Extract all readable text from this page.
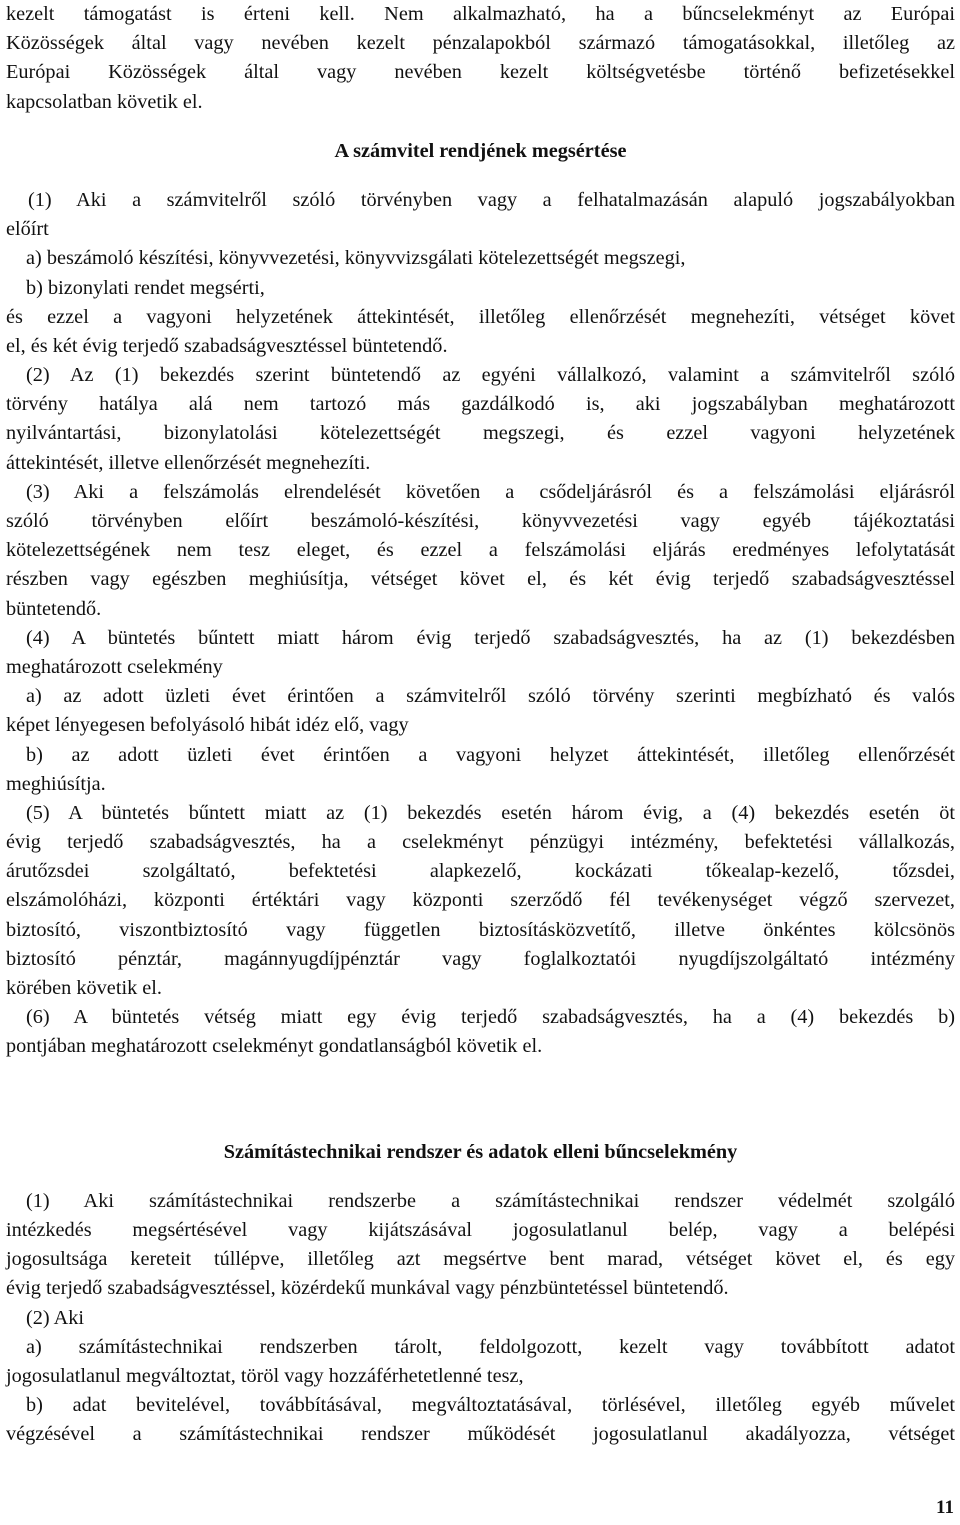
kezelt támogatást is érteni kell. Nem alkalmazható, ha a bűncselekményt az Európai
Közösségek által vagy nevében kezelt pénzalapokból származó támogatásokkal, illetőleg az
Európai Közösségek által vagy nevében kezelt költségvetésbe történő befizetésekkel
kapcsolatban követik el.
A számvitel rendjének megsértése
(1) Aki a számvitelről szóló törvényben vagy a felhatalmazásán alapuló jogszabályokban
előírt
a) beszámoló készítési, könyvvezetési, könyvvizsgálati kötelezettségét megszegi,
b) bizonylati rendet megsérti,
és ezzel a vagyoni helyzetének áttekintését, illetőleg ellenőrzését megnehezíti, vétséget követ
el, és két évig terjedő szabadságvesztéssel büntetendő.
(2) Az (1) bekezdés szerint büntetendő az egyéni vállalkozó, valamint a számvitelről szóló
törvény hatálya alá nem tartozó más gazdálkodó is, aki jogszabályban meghatározott
nyilvántartási, bizonylatolási kötelezettségét megszegi, és ezzel vagyoni helyzetének
áttekintését, illetve ellenőrzését megnehezíti.
(3) Aki a felszámolás elrendelését követően a csődeljárásról és a felszámolási eljárásról
szóló törvényben előírt beszámoló-készítési, könyvvezetési vagy egyéb tájékoztatási
kötelezettségének nem tesz eleget, és ezzel a felszámolási eljárás eredményes lefolytatását
részben vagy egészben meghiúsítja, vétséget követ el, és két évig terjedő szabadságvesztéssel
büntetendő.
(4) A büntetés bűntett miatt három évig terjedő szabadságvesztés, ha az (1) bekezdésben
meghatározott cselekmény
a) az adott üzleti évet érintően a számvitelről szóló törvény szerinti megbízható és valós
képet lényegesen befolyásoló hibát idéz elő, vagy
b) az adott üzleti évet érintően a vagyoni helyzet áttekintését, illetőleg ellenőrzését
meghiúsítja.
(5) A büntetés bűntett miatt az (1) bekezdés esetén három évig, a (4) bekezdés esetén öt
évig terjedő szabadságvesztés, ha a cselekményt pénzügyi intézmény, befektetési vállalkozás,
árutőzsdei szolgáltató, befektetési alapkezelő, kockázati tőkealap-kezelő, tőzsdei,
elszámolóházi, központi értéktári vagy központi szerződő fél tevékenységet végző szervezet,
biztosító, viszontbiztosító vagy független biztosításközvetítő, illetve önkéntes kölcsönös
biztosító pénztár, magánnyugdíjpénztár vagy foglalkoztatói nyugdíjszolgáltató intézmény
körében követik el.
(6) A büntetés vétség miatt egy évig terjedő szabadságvesztés, ha a (4) bekezdés b)
pontjában meghatározott cselekményt gondatlanságból követik el.
Számítástechnikai rendszer és adatok elleni bűncselekmény
(1) Aki számítástechnikai rendszerbe a számítástechnikai rendszer védelmét szolgáló
intézkedés megsértésével vagy kijátszásával jogosulatlanul belép, vagy a belépési
jogosultsága kereteit túllépve, illetőleg azt megsértve bent marad, vétséget követ el, és egy
évig terjedő szabadságvesztéssel, közérdekű munkával vagy pénzbüntetéssel büntetendő.
(2) Aki
a) számítástechnikai rendszerben tárolt, feldolgozott, kezelt vagy továbbított adatot
jogosulatlanul megváltoztat, töröl vagy hozzáférhetetlenné tesz,
b) adat bevitelével, továbbításával, megváltoztatásával, törlésével, illetőleg egyéb művelet
végzésével a számítástechnikai rendszer működését jogosulatlanul akadályozza, vétséget
11
